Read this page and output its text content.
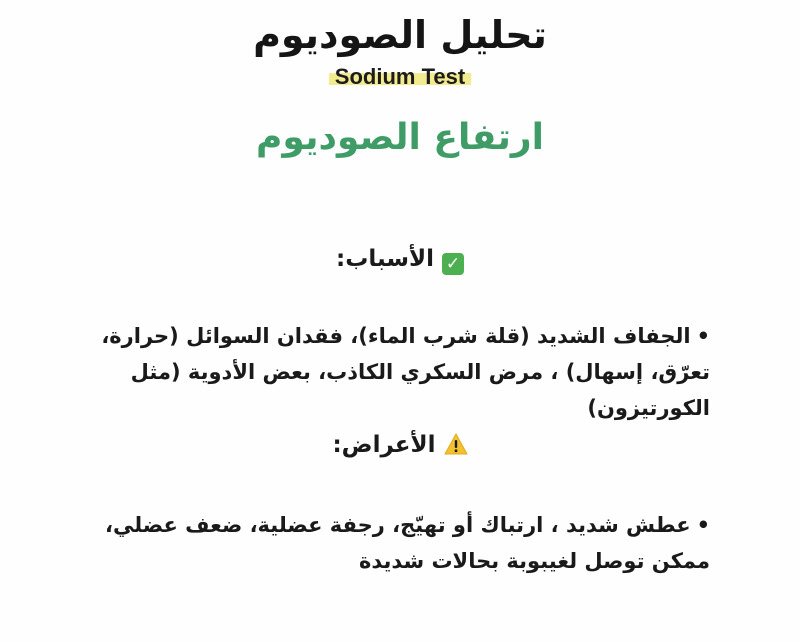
تحليل الصوديوم
Sodium Test
ارتفاع الصوديوم
✓الأسباب:
•الجفاف الشديد (قلة شرب الماء)، فقدان السوائل (حرارة، تعرّق، إسهال) ، مرض السكري الكاذب، بعض الأدوية (مثل الكورتيزون)
الأعراض:
•عطش شديد ، ارتباك أو تهيّج، رجفة عضلية، ضعف عضلي، ممكن توصل لغيبوبة بحالات شديدة
